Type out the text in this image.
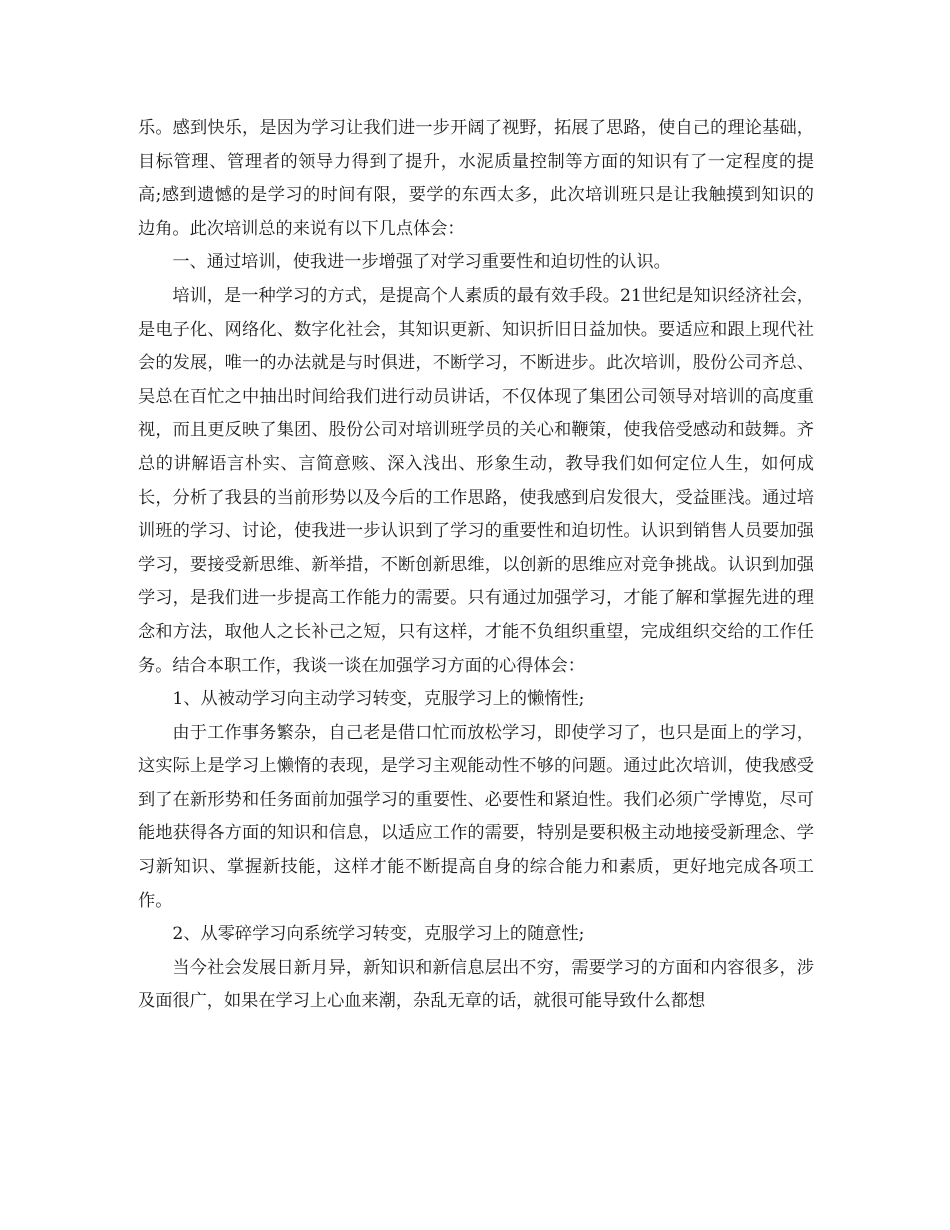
乐。感到快乐，是因为学习让我们进一步开阔了视野，拓展了思路，使自己的理论基础，目标管理、管理者的领导力得到了提升，水泥质量控制等方面的知识有了一定程度的提高;感到遗憾的是学习的时间有限，要学的东西太多，此次培训班只是让我触摸到知识的边角。此次培训总的来说有以下几点体会：

一、通过培训，使我进一步增强了对学习重要性和迫切性的认识。

培训，是一种学习的方式，是提高个人素质的最有效手段。21世纪是知识经济社会，是电子化、网络化、数字化社会，其知识更新、知识折旧日益加快。要适应和跟上现代社会的发展，唯一的办法就是与时俱进，不断学习，不断进步。此次培训，股份公司齐总、吴总在百忙之中抽出时间给我们进行动员讲话，不仅体现了集团公司领导对培训的高度重视，而且更反映了集团、股份公司对培训班学员的关心和鞭策，使我倍受感动和鼓舞。齐总的讲解语言朴实、言简意赅、深入浅出、形象生动，教导我们如何定位人生，如何成长，分析了我县的当前形势以及今后的工作思路，使我感到启发很大，受益匪浅。通过培训班的学习、讨论，使我进一步认识到了学习的重要性和迫切性。认识到销售人员要加强学习，要接受新思维、新举措，不断创新思维，以创新的思维应对竞争挑战。认识到加强学习，是我们进一步提高工作能力的需要。只有通过加强学习，才能了解和掌握先进的理念和方法，取他人之长补己之短，只有这样，才能不负组织重望，完成组织交给的工作任务。结合本职工作，我谈一谈在加强学习方面的心得体会：

1、从被动学习向主动学习转变，克服学习上的懒惰性;

由于工作事务繁杂，自己老是借口忙而放松学习，即使学习了，也只是面上的学习，这实际上是学习上懒惰的表现，是学习主观能动性不够的问题。通过此次培训，使我感受到了在新形势和任务面前加强学习的重要性、必要性和紧迫性。我们必须广学博览，尽可能地获得各方面的知识和信息，以适应工作的需要，特别是要积极主动地接受新理念、学习新知识、掌握新技能，这样才能不断提高自身的综合能力和素质，更好地完成各项工作。

2、从零碎学习向系统学习转变，克服学习上的随意性;

当今社会发展日新月异，新知识和新信息层出不穷，需要学习的方面和内容很多，涉及面很广，如果在学习上心血来潮，杂乱无章的话，就很可能导致什么都想
